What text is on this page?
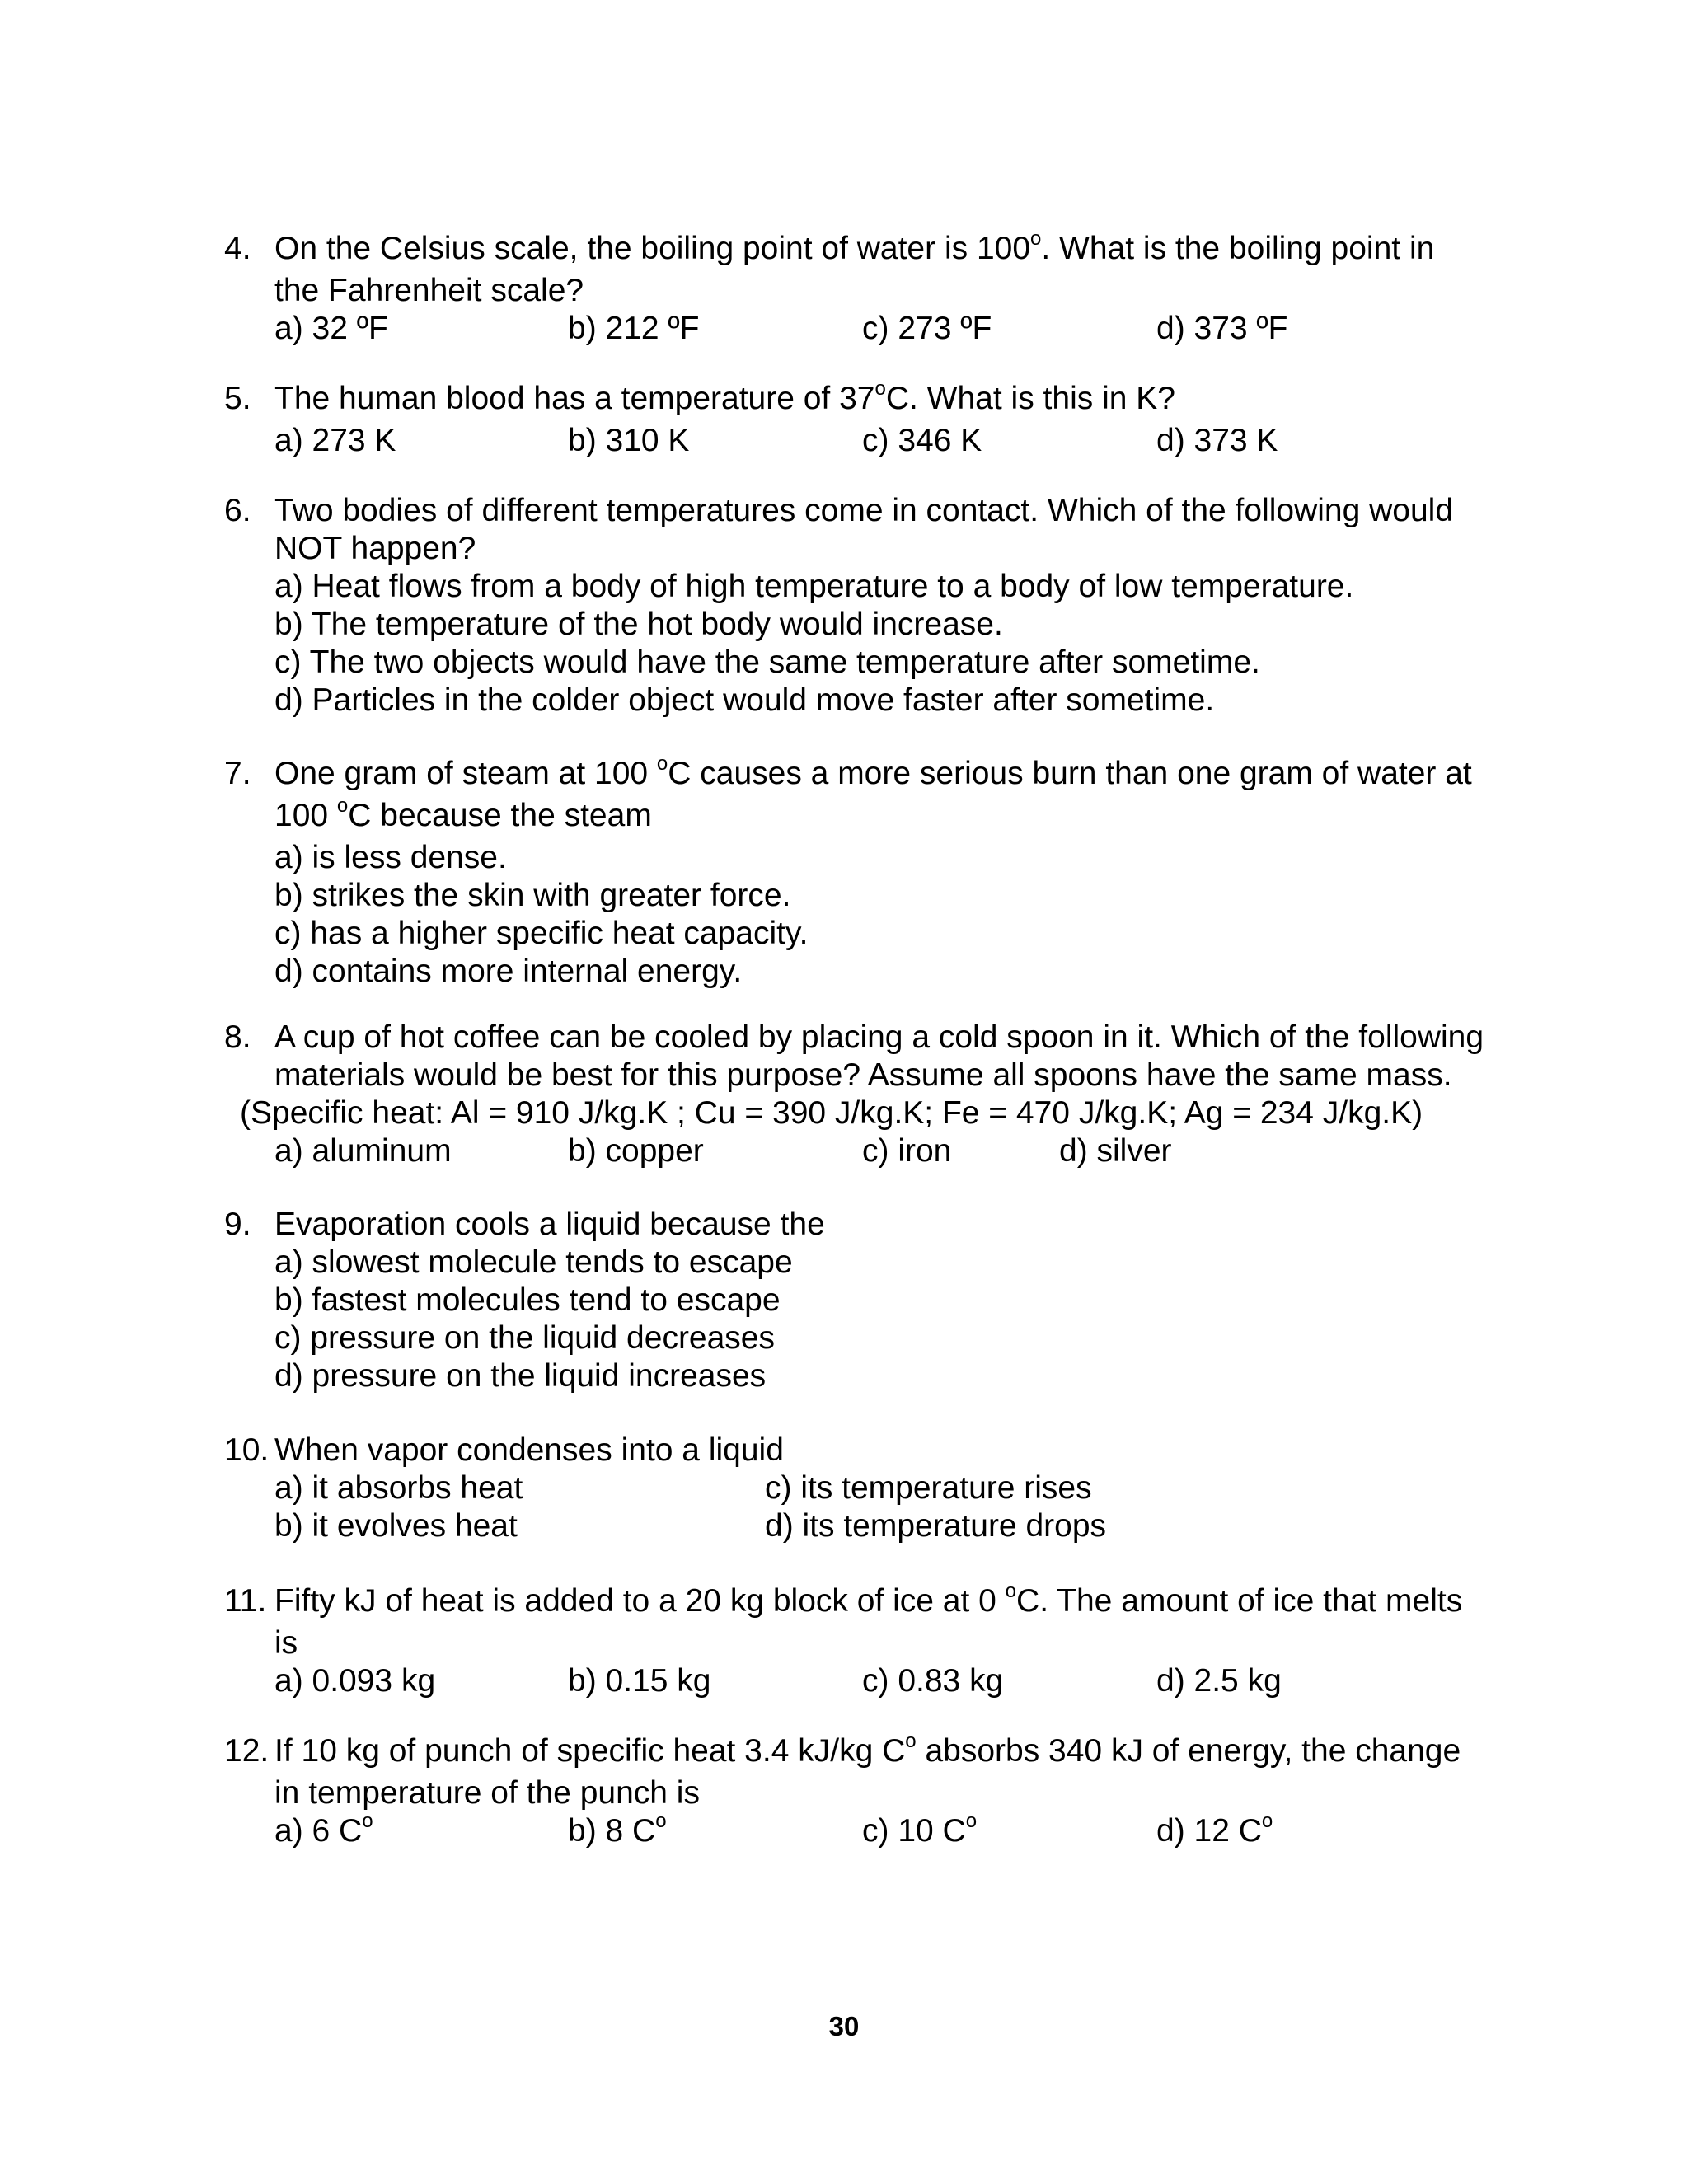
4. On the Celsius scale, the boiling point of water is 100$^o$. What is the boiling point in
the Fahrenheit scale?
a) 32 ºF	b) 212 ºF	c) 273 ºF	d) 373 ºF
5. The human blood has a temperature of 37$^o$C. What is this in K?
a) 273 K	b) 310 K	c) 346 K	d) 373 K
6. Two bodies of different temperatures come in contact. Which of the following would
NOT happen?
a) Heat flows from a body of high temperature to a body of low temperature.
b) The temperature of the hot body would increase.
c) The two objects would have the same temperature after sometime.
d) Particles in the colder object would move faster after sometime.
7. One gram of steam at 100 $^o$C causes a more serious burn than one gram of water at
100 $^o$C because the steam
a) is less dense.
b) strikes the skin with greater force.
c) has a higher specific heat capacity.
d) contains more internal energy.
8. A cup of hot coffee can be cooled by placing a cold spoon in it. Which of the following
materials would be best for this purpose? Assume all spoons have the same mass.
(Specific heat: Al = 910 J/kg.K ; Cu = 390 J/kg.K; Fe = 470 J/kg.K; Ag = 234 J/kg.K)
a) aluminum	b) copper	c) iron	d) silver
9. Evaporation cools a liquid because the
a) slowest molecule tends to escape
b) fastest molecules tend to escape
c) pressure on the liquid decreases
d) pressure on the liquid increases
10. When vapor condenses into a liquid
a) it absorbs heat	c) its temperature rises
b) it evolves heat	d) its temperature drops
11. Fifty kJ of heat is added to a 20 kg block of ice at 0 $^o$C. The amount of ice that melts
is
a) 0.093 kg	b) 0.15 kg	c) 0.83 kg	d) 2.5 kg
12. If 10 kg of punch of specific heat 3.4 kJ/kg $C^o$ absorbs 340 kJ of energy, the change
in temperature of the punch is
a) 6 $C^o$	b) 8 $C^o$	c) 10 $C^o$	d) 12 $C^o$
30
